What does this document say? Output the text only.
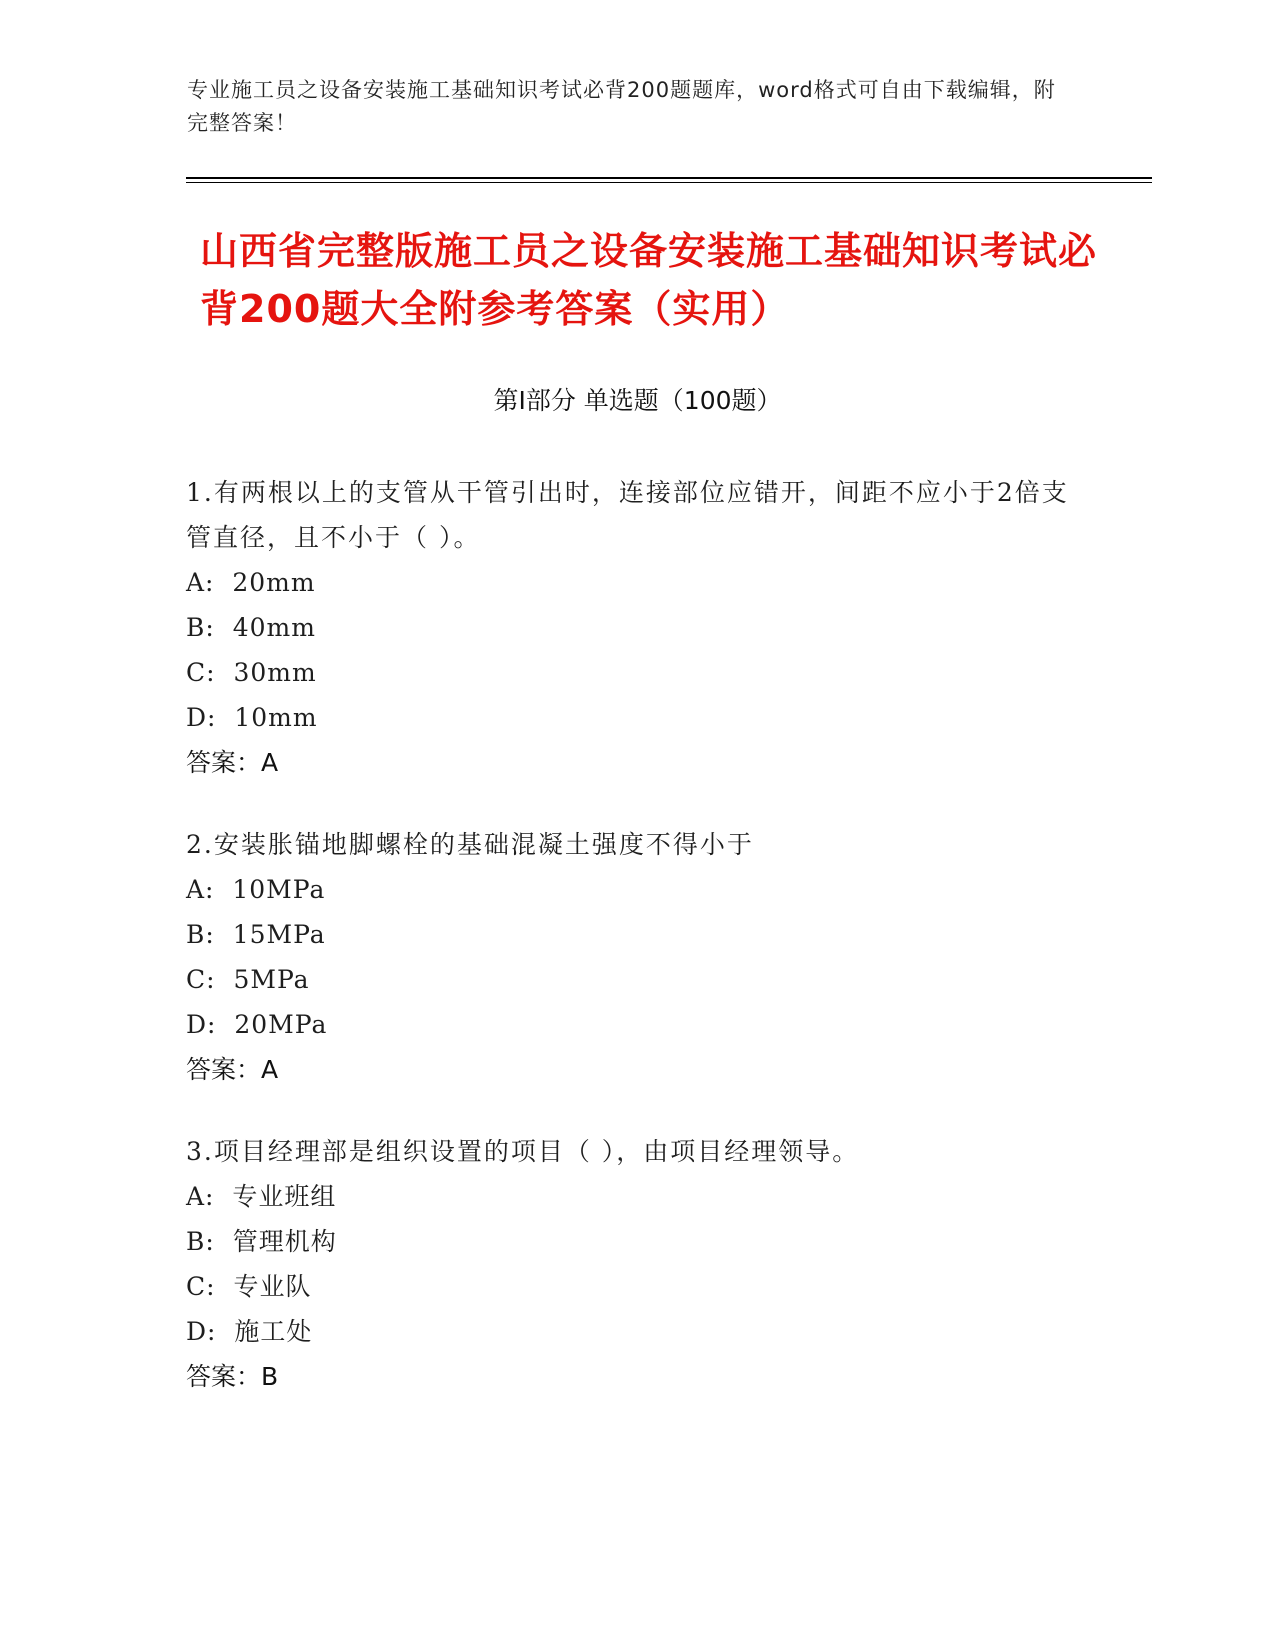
专业施工员之设备安装施工基础知识考试必背200题题库，word格式可自由下载编辑，附完整答案！
山西省完整版施工员之设备安装施工基础知识考试必背200题大全附参考答案（实用）
第I部分 单选题（100题）
1.有两根以上的支管从干管引出时，连接部位应错开，间距不应小于2倍支管直径，且不小于（ ）。
A:  20mm
B:  40mm
C:  30mm
D:  10mm
答案：A
2.安装胀锚地脚螺栓的基础混凝土强度不得小于
A:  10MPa
B:  15MPa
C:  5MPa
D:  20MPa
答案：A
3.项目经理部是组织设置的项目（ ），由项目经理领导。
A:  专业班组
B:  管理机构
C:  专业队
D:  施工处
答案：B
